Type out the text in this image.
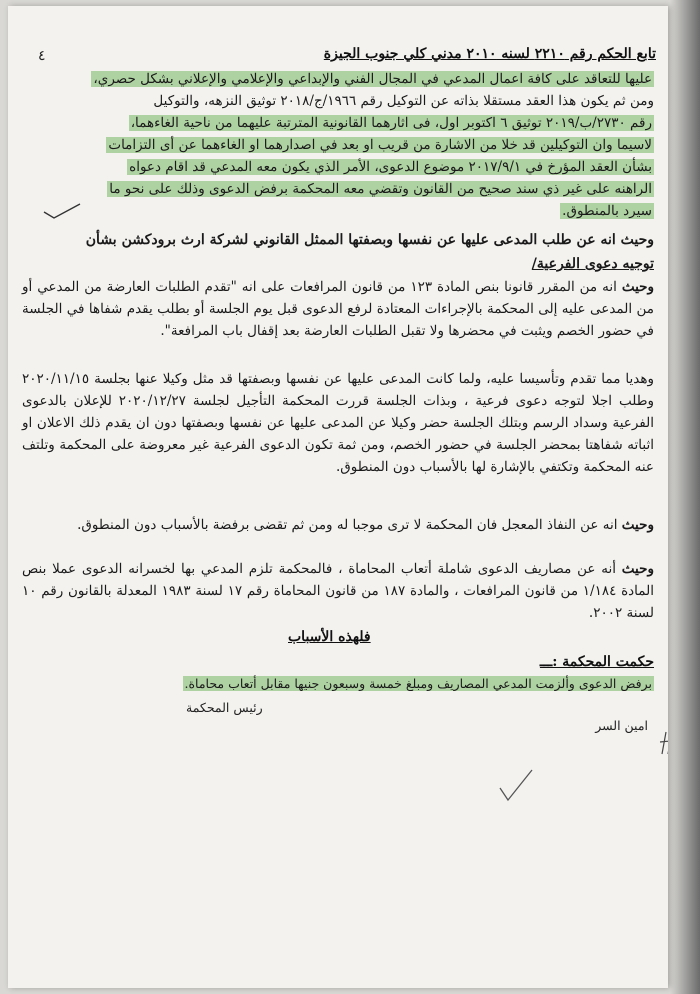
٤	تابع الحكم رقم ٢٢١٠ لسنه ٢٠١٠ مدني كلي جنوب الجيزة
عليها للتعاقد على كافة اعمال المدعي في المجال الفني والإبداعي والإعلامي والإعلاني بشكل حصري،
ومن ثم يكون هذا العقد مستقلا بذاته عن التوكيل رقم ١٩٦٦/ج/٢٠١٨ توثيق النزهه، والتوكيل
رقم ٢٧٣٠/ب/٢٠١٩ توثيق ٦ اكتوبر اول، فى اثارهما القانونية المترتبة عليهما من ناحية الغاءهما،
لاسيما وان التوكيلين قد خلا من الاشارة من قريب او بعد في اصدارهما او الغاءهما عن أى التزامات
بشأن العقد المؤرخ في ٢٠١٧/٩/١ موضوع الدعوى، الأمر الذي يكون معه المدعي قد اقام دعواه
الراهنه على غير ذي سند صحيح من القانون وتقضي معه المحكمة برفض الدعوى وذلك على نحو ما
سيرد بالمنطوق.
وحيث انه عن طلب المدعى عليها عن نفسها وبصفتها الممثل القانوني لشركة ارث برودكشن بشأن
توجيه دعوى الفرعية/
وحيث انه من المقرر قانونا بنص المادة ١٢٣ من قانون المرافعات على انه "تقدم الطلبات العارضة من المدعي أو من المدعى عليه إلى المحكمة بالإجراءات المعتادة لرفع الدعوى قبل يوم الجلسة أو بطلب يقدم شفاها في الجلسة في حضور الخصم ويثبت في محضرها ولا تقبل الطلبات العارضة بعد إقفال باب المرافعة".
وهديا مما تقدم وتأسيسا عليه، ولما كانت المدعى عليها عن نفسها وبصفتها قد مثل وكيلا عنها بجلسة ٢٠٢٠/١١/١٥ وطلب اجلا لتوجه دعوى فرعية ، وبذات الجلسة قررت المحكمة التأجيل لجلسة ٢٠٢٠/١٢/٢٧ للإعلان بالدعوى الفرعية وسداد الرسم وبتلك الجلسة حضر وكيلا عن المدعى عليها عن نفسها وبصفتها دون ان يقدم ذلك الاعلان او اثباته شفاهتا بمحضر الجلسة في حضور الخصم، ومن ثمة تكون الدعوى الفرعية غير معروضة على المحكمة وتلتف عنه المحكمة وتكتفي بالإشارة لها بالأسباب دون المنطوق.
وحيث انه عن النفاذ المعجل فان المحكمة لا ترى موجبا له ومن ثم تقضى برفضة بالأسباب دون المنطوق.
وحيث أنه عن مصاريف الدعوى شاملة أتعاب المحاماة ، فالمحكمة تلزم المدعي بها لخسرانه الدعوى عملا بنص المادة ١/١٨٤ من قانون المرافعات ، والمادة ١٨٧ من قانون المحاماة رقم ١٧ لسنة ١٩٨٣ المعدلة بالقانون رقم ١٠ لسنة ٢٠٠٢.
فلهذه الأسباب
حكمت المحكمة :ـــ
برفض الدعوى وألزمت المدعي المصاريف ومبلغ خمسة وسبعون جنيها مقابل أتعاب محاماة.
امين السر
رئيس المحكمة
